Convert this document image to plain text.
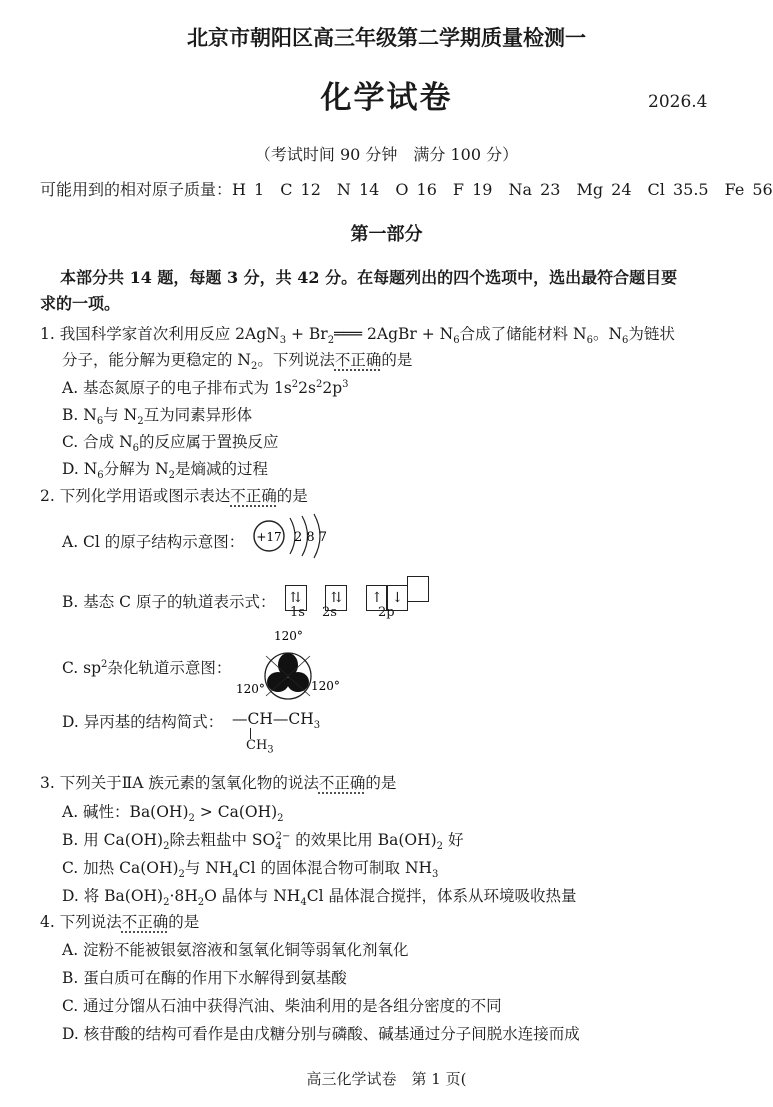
北京市朝阳区高三年级第二学期质量检测一
化学试卷	2026.4
（考试时间 90 分钟　满分 100 分）
可能用到的相对原子质量：H 1　C 12　N 14　O 16　F 19　Na 23　Mg 24　Cl 35.5　Fe 56
第一部分
本部分共 14 题，每题 3 分，共 42 分。在每题列出的四个选项中，选出最符合题目要
求的一项。
1. 我国科学家首次利用反应 $2AgN_3 + Br_2═══$ 2AgBr + $N_6$合成了储能材料 $N_6$。$N_6$为链状
分子，能分解为更稳定的 $N_2$。下列说法不正确的是
A. 基态氮原子的电子排布式为 $1s^22s^22p^3$
B. $N_6$与 $N_2$互为同素异形体
C. 合成 $N_6$的反应属于置换反应
D. $N_6$分解为 $N_2$是熵减的过程
2. 下列化学用语或图示表达不正确的是
A. Cl 的原子结构示意图： +17 2 8 7
B. 基态 C 原子的轨道表示式： ⇅ ⇅ ↑ ↓
1s 2s	2p
C. $sp^2$杂化轨道示意图：
120°
120°	120°
D. 异丙基的结构简式： $—CH—CH_3$
$CH_3$
3. 下列关于ⅡA 族元素的氢氧化物的说法不正确的是
A. 碱性：$Ba(OH)_2 > Ca(OH)_2$
B. 用 $Ca(OH)_2$除去粗盐中 $SO_4^{2-}$ 的效果比用 $Ba(OH)_2$ 好
C. 加热 $Ca(OH)_2$与 $NH_4Cl$ 的固体混合物可制取 $NH_3$
D. 将 $Ba(OH)_2\cdot 8H_2O$ 晶体与 $NH_4Cl$ 晶体混合搅拌，体系从环境吸收热量
4. 下列说法不正确的是
A. 淀粉不能被银氨溶液和氢氧化铜等弱氧化剂氧化
B. 蛋白质可在酶的作用下水解得到氨基酸
C. 通过分馏从石油中获得汽油、柴油利用的是各组分密度的不同
D. 核苷酸的结构可看作是由戊糖分别与磷酸、碱基通过分子间脱水连接而成
高三化学试卷　第 1 页(
